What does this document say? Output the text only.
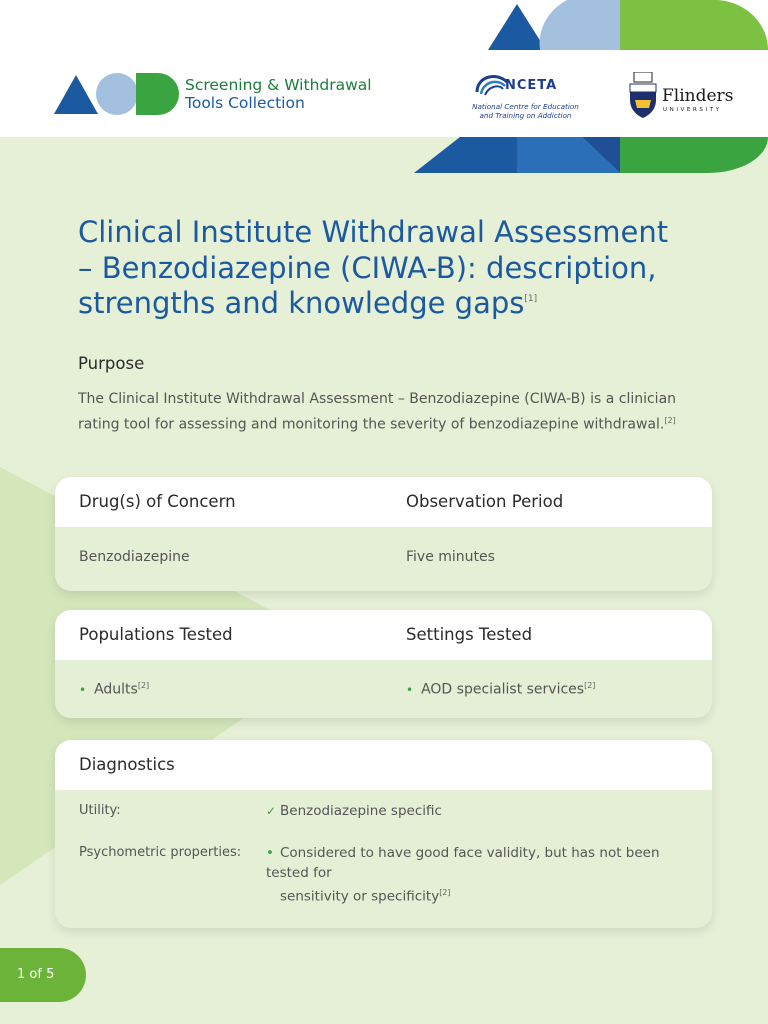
Screening & Withdrawal
Tools Collection
NCETA
National Centre for Education
and Training on Addiction
Flinders
UNIVERSITY
Clinical Institute Withdrawal Assessment
– Benzodiazepine (CIWA-B): description,
strengths and knowledge gaps[1]
Purpose
The Clinical Institute Withdrawal Assessment – Benzodiazepine (CIWA-B) is a clinician rating tool for assessing and monitoring the severity of benzodiazepine withdrawal.[2]
Drug(s) of Concern	Observation Period
Benzodiazepine	Five minutes
Populations Tested	Settings Tested
• Adults[2]	• AOD specialist services[2]
Diagnostics
Utility:	✓ Benzodiazepine specific
Psychometric properties: • Considered to have good face validity, but has not been tested for
sensitivity or specificity[2]
1 of 5
